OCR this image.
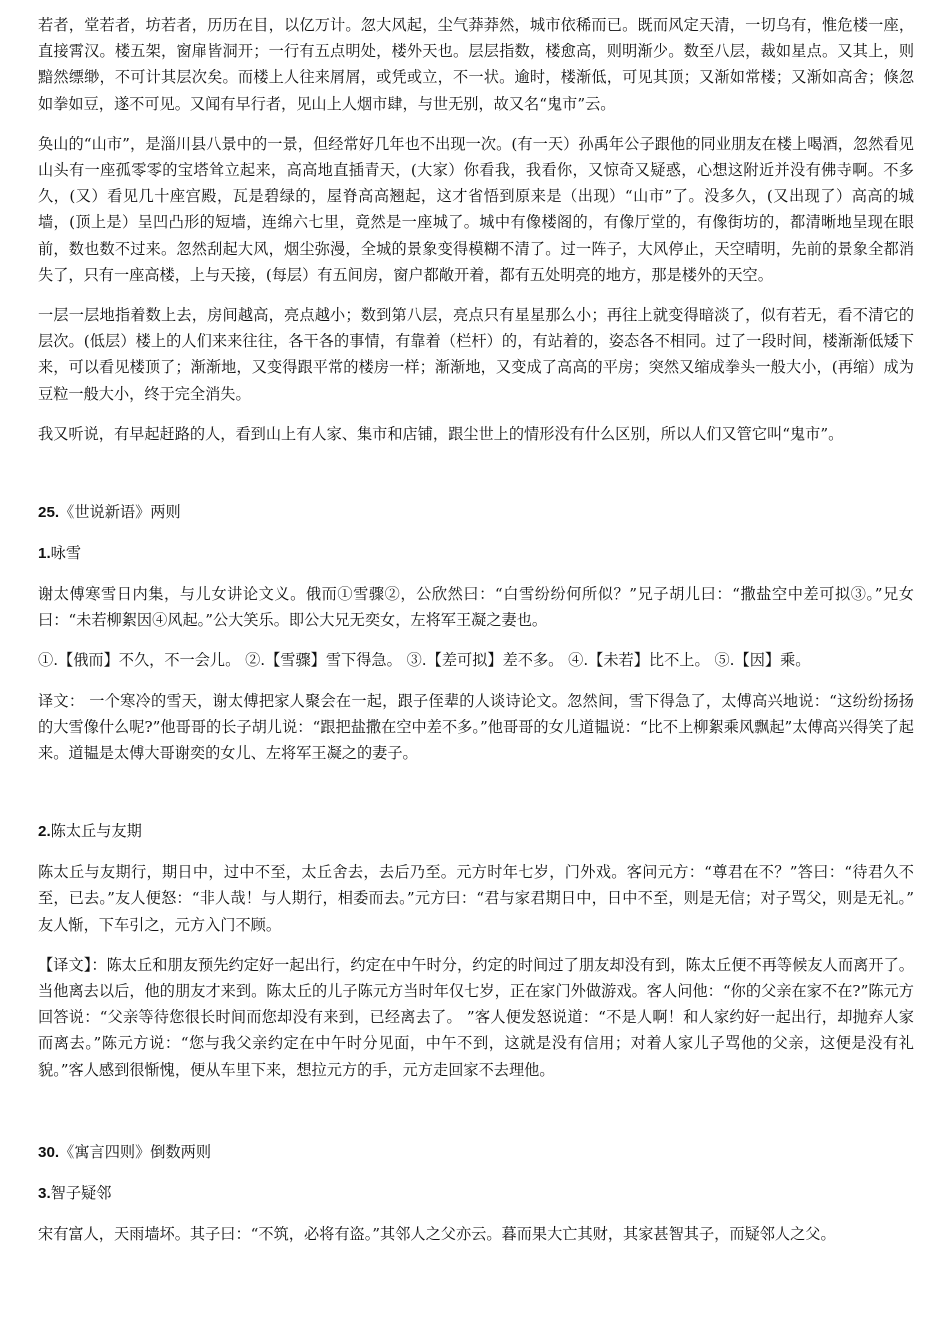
若者，堂若者，坊若者，历历在目，以亿万计。忽大风起，尘气莽莽然，城市依稀而已。既而风定天清，一切乌有，惟危楼一座，直接霄汉。楼五架，窗扉皆洞开；一行有五点明处，楼外天也。层层指数，楼愈高，则明渐少。数至八层，裁如星点。又其上，则黯然缥缈，不可计其层次矣。而楼上人往来屑屑，或凭或立，不一状。逾时，楼渐低，可见其顶；又渐如常楼；又渐如高舍；倏忽如拳如豆，遂不可见。又闻有早行者，见山上人烟市肆，与世无别，故又名“鬼市”云。

奂山的“山市”，是淄川县八景中的一景，但经常好几年也不出现一次。(有一天）孙禹年公子跟他的同业朋友在楼上喝酒，忽然看见山头有一座孤零零的宝塔耸立起来，高高地直插青天，(大家）你看我，我看你，又惊奇又疑惑，心想这附近并没有佛寺啊。不多久，(又）看见几十座宫殿，瓦是碧绿的，屋脊高高翘起，这才省悟到原来是（出现）“山市”了。没多久，(又出现了）高高的城墙，(顶上是）呈凹凸形的短墙，连绵六七里，竟然是一座城了。城中有像楼阁的，有像厅堂的，有像街坊的，都清晰地呈现在眼前，数也数不过来。忽然刮起大风，烟尘弥漫，全城的景象变得模糊不清了。过一阵子，大风停止，天空晴明，先前的景象全都消失了，只有一座高楼，上与天接，(每层）有五间房，窗户都敞开着，都有五处明亮的地方，那是楼外的天空。

一层一层地指着数上去，房间越高，亮点越小；数到第八层，亮点只有星星那么小；再往上就变得暗淡了，似有若无，看不清它的层次。(低层）楼上的人们来来往往，各干各的事情，有靠着（栏杆）的，有站着的，姿态各不相同。过了一段时间，楼渐渐低矮下来，可以看见楼顶了；渐渐地，又变得跟平常的楼房一样；渐渐地，又变成了高高的平房；突然又缩成拳头一般大小，(再缩）成为豆粒一般大小，终于完全消失。

我又听说，有早起赶路的人，看到山上有人家、集市和店铺，跟尘世上的情形没有什么区别，所以人们又管它叫“鬼市”。

25.《世说新语》两则
1.咏雪

谢太傅寒雪日内集，与儿女讲论文义。俄而①雪骤②，公欣然曰：“白雪纷纷何所似？”兄子胡儿曰：“撒盐空中差可拟③。”兄女曰：“未若柳絮因④风起。”公大笑乐。即公大兄无奕女，左将军王凝之妻也。

①.【俄而】不久，不一会儿。 ②.【雪骤】雪下得急。 ③.【差可拟】差不多。 ④.【未若】比不上。 ⑤.【因】乘。

译文： 一个寒冷的雪天，谢太傅把家人聚会在一起，跟子侄辈的人谈诗论文。忽然间，雪下得急了，太傅高兴地说：“这纷纷扬扬的大雪像什么呢?”他哥哥的长子胡儿说：“跟把盐撒在空中差不多。”他哥哥的女儿道韫说：“比不上柳絮乘风飘起”太傅高兴得笑了起来。道韫是太傅大哥谢奕的女儿、左将军王凝之的妻子。

2.陈太丘与友期

陈太丘与友期行，期日中，过中不至，太丘舍去，去后乃至。元方时年七岁，门外戏。客问元方：“尊君在不？”答曰：“待君久不至，已去。”友人便怒：“非人哉！与人期行，相委而去。”元方曰：“君与家君期日中，日中不至，则是无信；对子骂父，则是无礼。” 友人惭，下车引之，元方入门不顾。

【译文】：陈太丘和朋友预先约定好一起出行，约定在中午时分，约定的时间过了朋友却没有到，陈太丘便不再等候友人而离开了。当他离去以后，他的朋友才来到。陈太丘的儿子陈元方当时年仅七岁，正在家门外做游戏。客人问他：“你的父亲在家不在?”陈元方回答说：“父亲等待您很长时间而您却没有来到，已经离去了。 ”客人便发怒说道：“不是人啊！和人家约好一起出行，却抛弃人家而离去。”陈元方说：“您与我父亲约定在中午时分见面，中午不到，这就是没有信用；对着人家儿子骂他的父亲，这便是没有礼貌。”客人感到很惭愧，便从车里下来，想拉元方的手，元方走回家不去理他。

30.《寓言四则》倒数两则
3.智子疑邻

宋有富人，天雨墙坏。其子曰：“不筑，必将有盗。”其邻人之父亦云。暮而果大亡其财，其家甚智其子，而疑邻人之父。
